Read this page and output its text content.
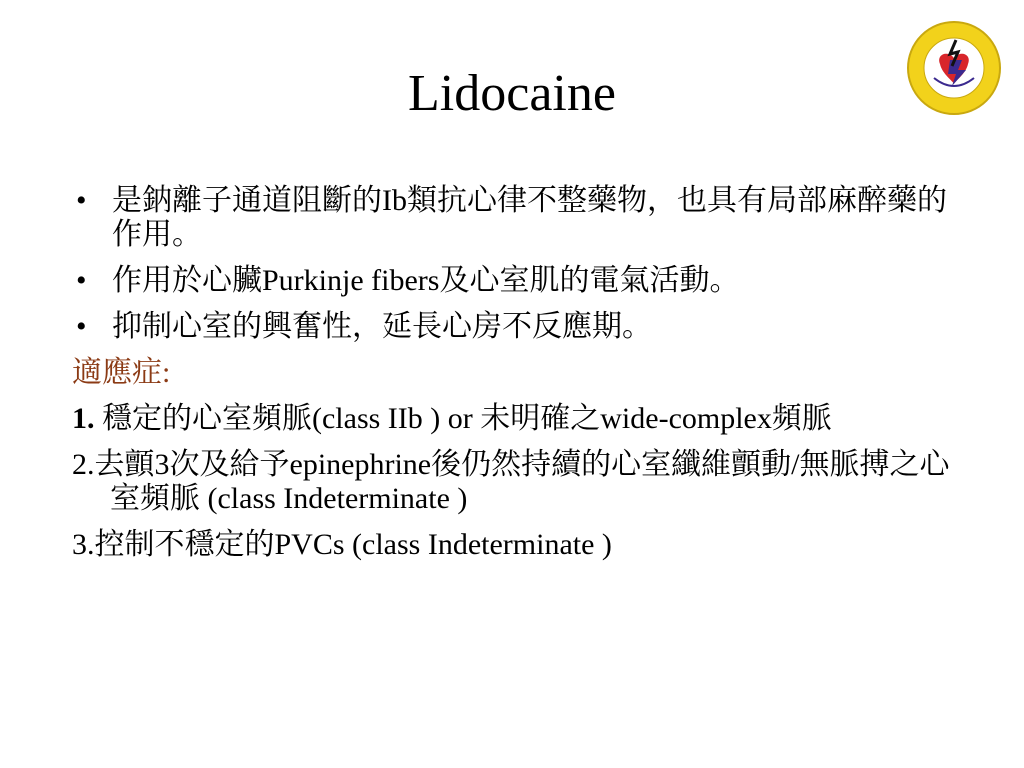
Lidocaine
• 是鈉離子通道阻斷的Ib類抗心律不整藥物，也具有局部麻醉藥的作用。
• 作用於心臟Purkinje fibers及心室肌的電氣活動。
• 抑制心室的興奮性，延長心房不反應期。
適應症:
1. 穩定的心室頻脈(class IIb ) or 未明確之wide-complex頻脈
2.去顫3次及給予epinephrine後仍然持續的心室纖維顫動/無脈搏之心室頻脈 (class Indeterminate )
3.控制不穩定的PVCs (class Indeterminate )
